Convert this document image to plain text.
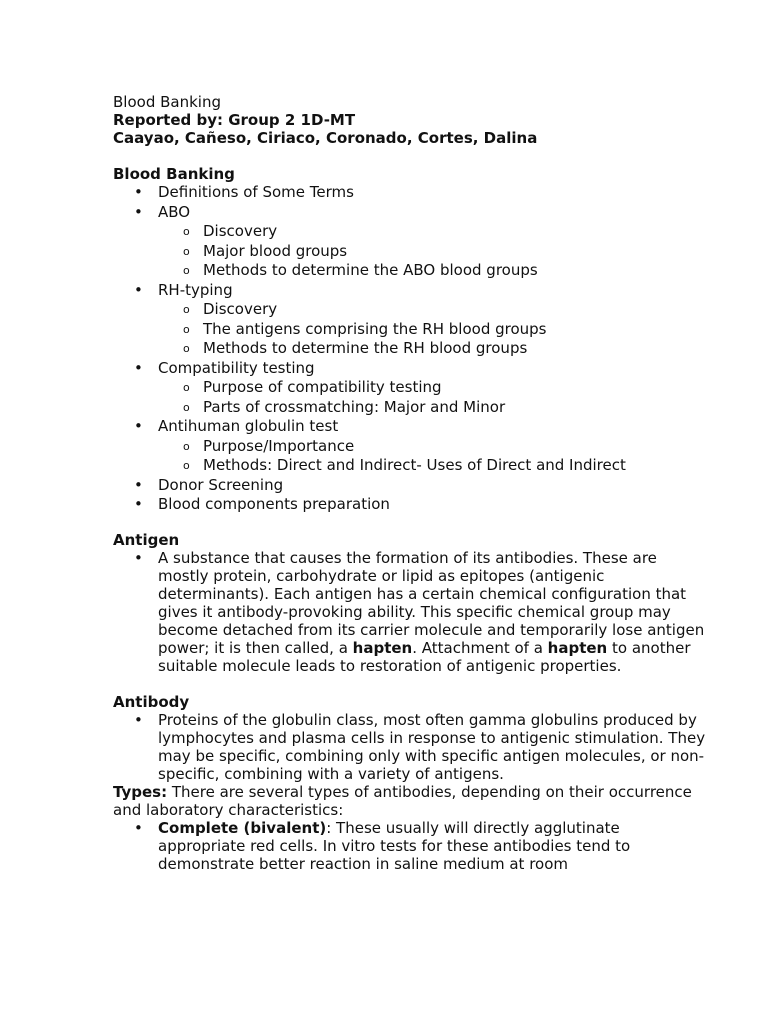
Blood Banking

Reported by: Group 2 1D-MT

Caayao, Cañeso, Ciriaco, Coronado, Cortes, Dalina

Blood Banking

• Definitions of Some Terms
• ABO
o Discovery
o Major blood groups
o Methods to determine the ABO blood groups
• RH-typing
o Discovery
o The antigens comprising the RH blood groups
o Methods to determine the RH blood groups
• Compatibility testing
o Purpose of compatibility testing
o Parts of crossmatching: Major and Minor
• Antihuman globulin test
o Purpose/Importance
o Methods: Direct and Indirect- Uses of Direct and Indirect
• Donor Screening
• Blood components preparation

Antigen

• A substance that causes the formation of its antibodies. These are mostly protein, carbohydrate or lipid as epitopes (antigenic determinants). Each antigen has a certain chemical configuration that gives it antibody-provoking ability. This specific chemical group may become detached from its carrier molecule and temporarily lose antigen power; it is then called, a hapten. Attachment of a hapten to another suitable molecule leads to restoration of antigenic properties.

Antibody

• Proteins of the globulin class, most often gamma globulins produced by lymphocytes and plasma cells in response to antigenic stimulation. They may be specific, combining only with specific antigen molecules, or non-specific, combining with a variety of antigens.

Types: There are several types of antibodies, depending on their occurrence and laboratory characteristics:

• Complete (bivalent): These usually will directly agglutinate appropriate red cells. In vitro tests for these antibodies tend to demonstrate better reaction in saline medium at room
